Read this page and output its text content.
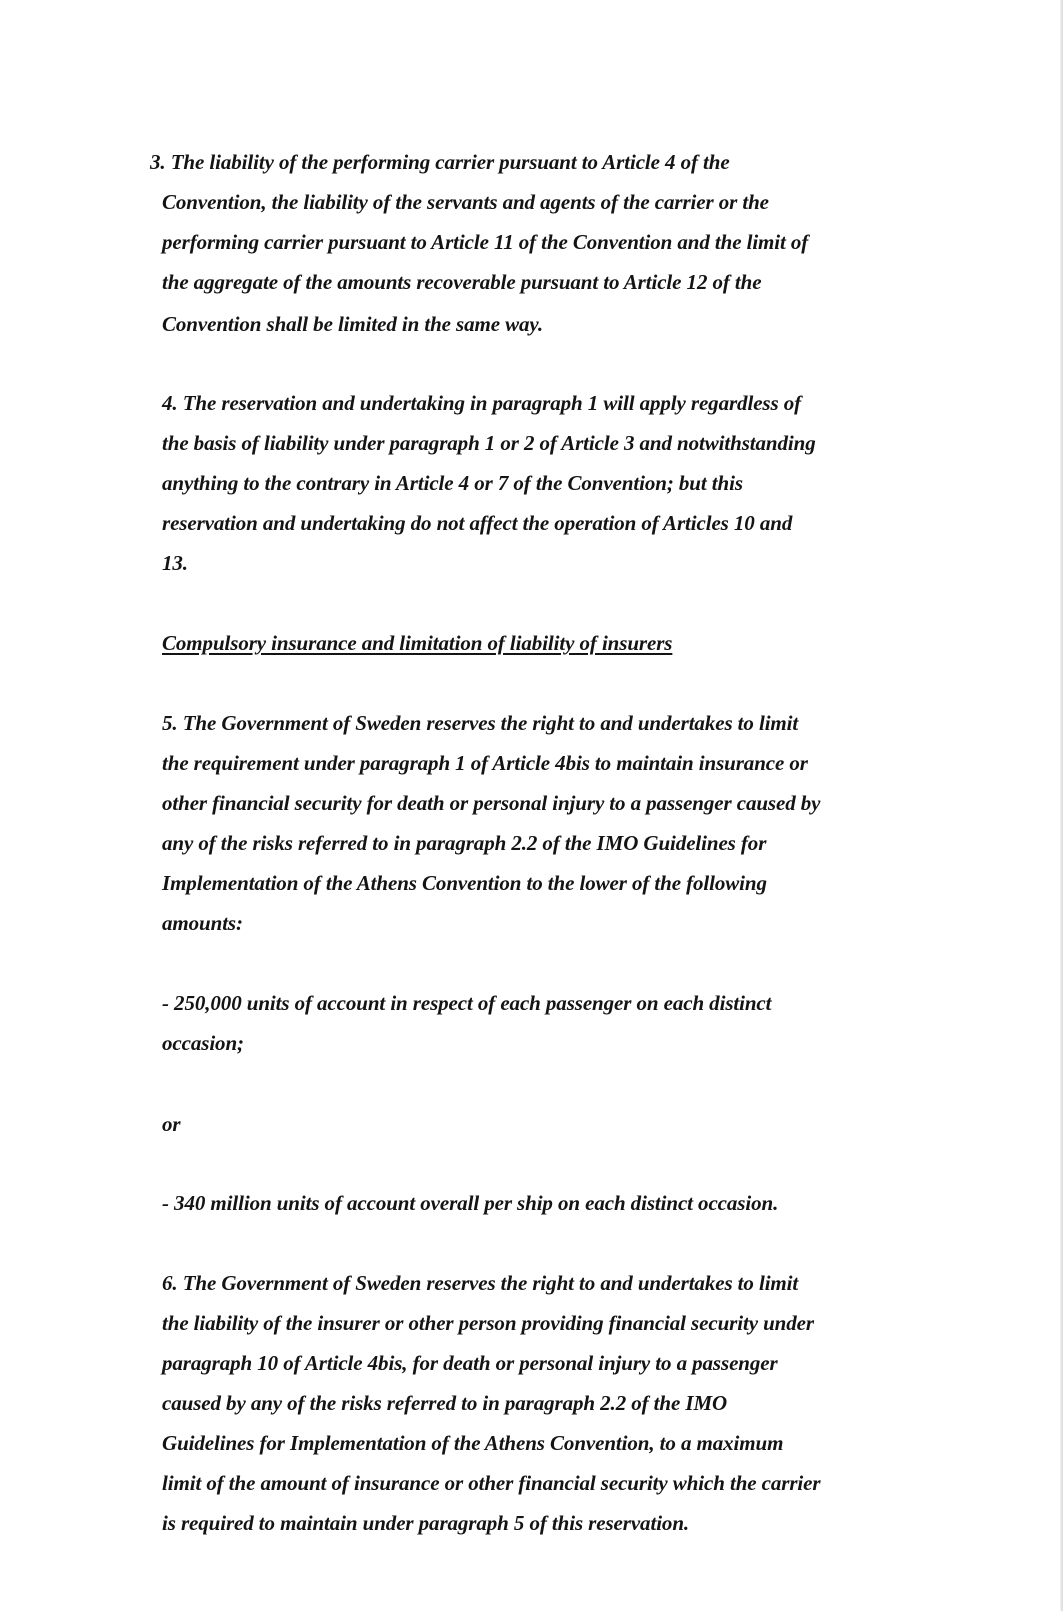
3. The liability of the performing carrier pursuant to Article 4 of the
Convention, the liability of the servants and agents of the carrier or the
performing carrier pursuant to Article 11 of the Convention and the limit of
the aggregate of the amounts recoverable pursuant to Article 12 of the
Convention shall be limited in the same way.
4. The reservation and undertaking in paragraph 1 will apply regardless of
the basis of liability under paragraph 1 or 2 of Article 3 and notwithstanding
anything to the contrary in Article 4 or 7 of the Convention; but this
reservation and undertaking do not affect the operation of Articles 10 and
13.
Compulsory insurance and limitation of liability of insurers
5. The Government of Sweden reserves the right to and undertakes to limit
the requirement under paragraph 1 of Article 4bis to maintain insurance or
other financial security for death or personal injury to a passenger caused by
any of the risks referred to in paragraph 2.2 of the IMO Guidelines for
Implementation of the Athens Convention to the lower of the following
amounts:
- 250,000 units of account in respect of each passenger on each distinct
occasion;
or
- 340 million units of account overall per ship on each distinct occasion.
6. The Government of Sweden reserves the right to and undertakes to limit
the liability of the insurer or other person providing financial security under
paragraph 10 of Article 4bis, for death or personal injury to a passenger
caused by any of the risks referred to in paragraph 2.2 of the IMO
Guidelines for Implementation of the Athens Convention, to a maximum
limit of the amount of insurance or other financial security which the carrier
is required to maintain under paragraph 5 of this reservation.
